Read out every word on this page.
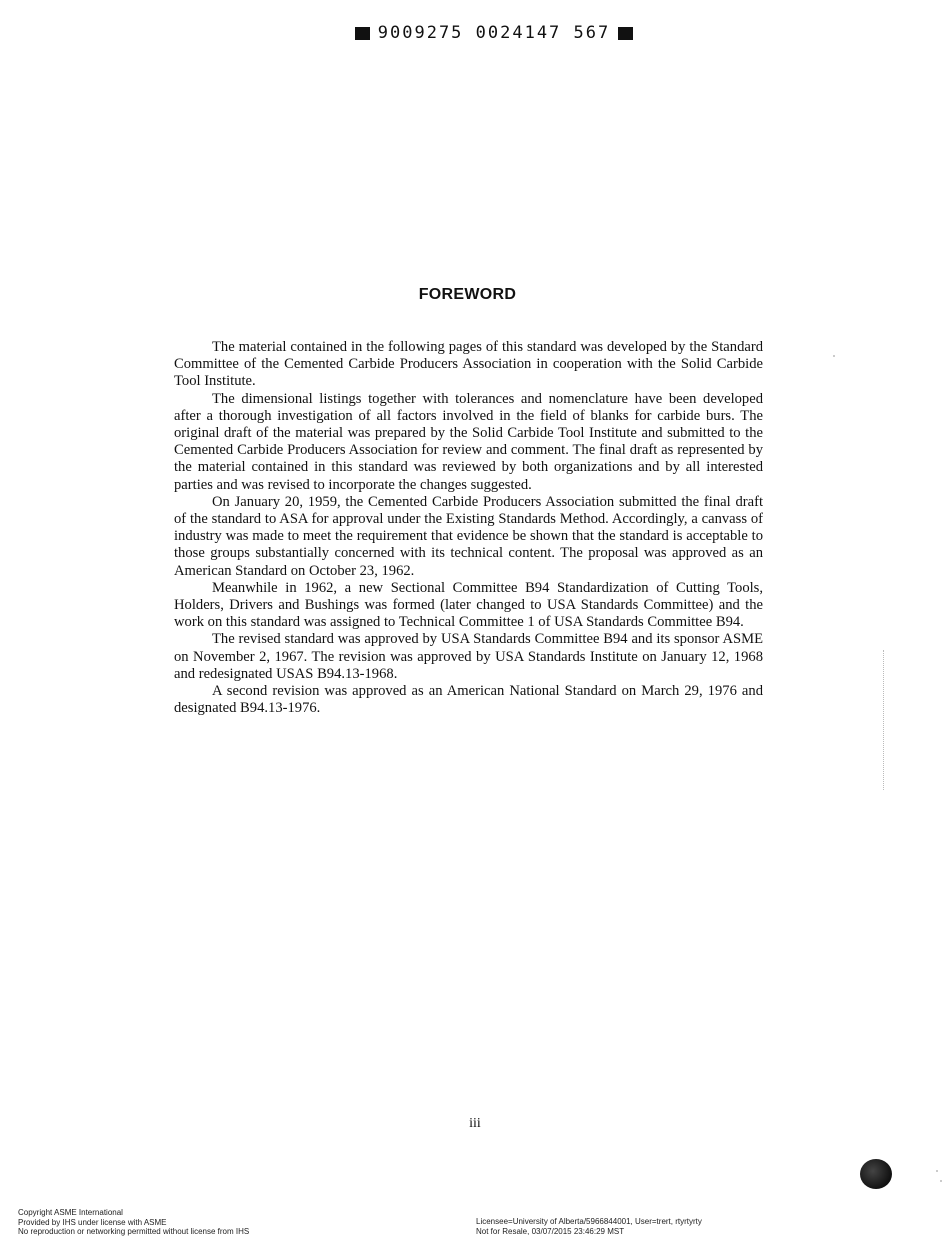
9009275 0024147 567
FOREWORD

The material contained in the following pages of this standard was developed by the Standard Committee of the Cemented Carbide Producers Association in cooperation with the Solid Carbide Tool Institute.

The dimensional listings together with tolerances and nomenclature have been developed after a thorough investigation of all factors involved in the field of blanks for carbide burs. The original draft of the material was prepared by the Solid Carbide Tool Institute and submitted to the Cemented Carbide Producers Association for review and comment. The final draft as represented by the material contained in this standard was reviewed by both organizations and by all interested parties and was revised to incorporate the changes suggested.

On January 20, 1959, the Cemented Carbide Producers Association submitted the final draft of the standard to ASA for approval under the Existing Standards Method. Accordingly, a canvass of industry was made to meet the requirement that evidence be shown that the standard is acceptable to those groups substantially concerned with its technical content. The proposal was approved as an American Standard on October 23, 1962.

Meanwhile in 1962, a new Sectional Committee B94 Standardization of Cutting Tools, Holders, Drivers and Bushings was formed (later changed to USA Standards Committee) and the work on this standard was assigned to Technical Committee 1 of USA Standards Committee B94.

The revised standard was approved by USA Standards Committee B94 and its sponsor ASME on November 2, 1967. The revision was approved by USA Standards Institute on January 12, 1968 and redesignated USAS B94.13-1968.

A second revision was approved as an American National Standard on March 29, 1976 and designated B94.13-1976.

iii
Copyright ASME International
Provided by IHS under license with ASME
No reproduction or networking permitted without license from IHS
Licensee=University of Alberta/5966844001, User=trert, rtyrtyrty
Not for Resale, 03/07/2015 23:46:29 MST
